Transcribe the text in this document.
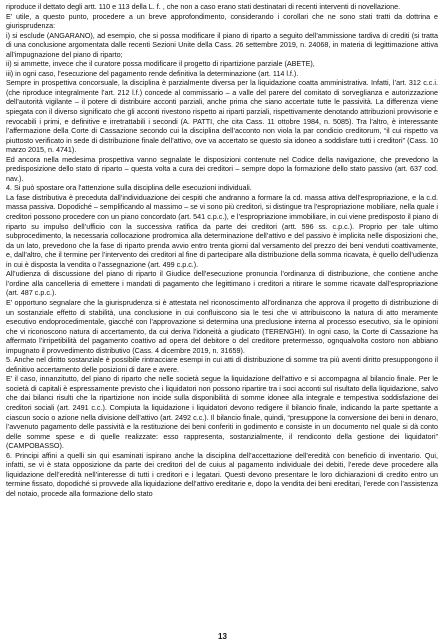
riproduce il dettato degli artt. 110 e 113 della L. f. , che non a caso erano stati destinatari di recenti interventi di novellazione.

E’ utile, a questo punto, procedere a un breve approfondimento, considerando i corollari che ne sono stati tratti da dottrina e giurisprudenza:

i) si esclude (ANGARANO), ad esempio, che si possa modificare il piano di riparto a seguito dell’ammissione tardiva di crediti (si tratta di una conclusione argomentata dalle recenti Sezioni Unite della Cass. 26 settembre 2019, n. 24068, in materia di legittimazione attiva all’impugnazione del piano di riparto;

ii) si ammette, invece che il curatore possa modificare il progetto di ripartizione parziale (ABETE),

iii) in ogni caso, l’esecuzione del pagamento rende definitiva la determinazione (art. 114 l.f.).

Sempre in prospettiva concorsuale, la disciplina è parzialmente diversa per la liquidazione coatta amministrativa. Infatti, l’art. 312 c.c.i. (che riproduce integralmente l’art. 212 l.f.) concede al commissario – a valle del parere del comitato di sorveglianza e autorizzazione dell’autorità vigilante – il potere di distribuire acconti parziali, anche prima che siano accertate tutte le passività. La differenza viene spiegata con il diverso significato che gli acconti rivestono rispetto ai riparti parziali, rispettivamente denotando attribuzioni provvisorie e revocabili i primi, e definitive e irretrattabili i secondi (A. PATTI, che cita Cass. 11 ottobre 1984, n. 5085). Tra l’altro, è interessante l’affermazione della Corte di Cassazione secondo cui la disciplina dell’acconto non viola la par condicio creditorum, “il cui rispetto va piuttosto verificato in sede di distribuzione finale dell’attivo, ove va accertato se questo sia idoneo a soddisfare tutti i creditori” (Cass. 10 marzo 2015, n. 4741).

Ed ancora nella medesima prospettiva vanno segnalate le disposizioni contenute nel Codice della navigazione, che prevedono la predisposizione dello stato di riparto – questa volta a cura dei creditori – sempre dopo la formazione dello stato passivo (art. 637 cod. nav.).

4. Si può spostare ora l’attenzione sulla disciplina delle esecuzioni individuali.

La fase distributiva è preceduta dall’individuazione dei cespiti che andranno a formare la cd. massa attiva dell’espropriazione, e la c.d. massa passiva. Dopodiché – semplificando al massimo – se vi sono più creditori, si distingue tra l’espropriazione mobiliare, nella quale i creditori possono procedere con un piano concordato (art. 541 c.p.c.), e l’espropriazione immobiliare, in cui viene predisposto il piano di riparto su impulso dell’ufficio con la successiva ratifica da parte dei creditori (artt. 596 ss. c.p.c.). Proprio per tale ultimo subprocedimento, la necessaria collocazione prodromica alla determinazione dell’attivo e del passivo è implicita nelle disposizioni che, da un lato, prevedono che la fase di riparto prenda avvio entro trenta giorni dal versamento del prezzo dei beni venduti coattivamente, e, dall’altro, che il termine per l’intervento dei creditori al fine di partecipare alla distribuzione della somma ricavata, è quello dell’udienza in cui è disposta la vendita o l’assegnazione (art. 499 c.p.c.).

All’udienza di discussione del piano di riparto il Giudice dell’esecuzione pronuncia l’ordinanza di distribuzione, che contiene anche l’ordine alla cancelleria di emettere i mandati di pagamento che legittimano i creditori a ritirare le somme ricavate dall’espropriazione (art. 487 c.p.c.).

E’ opportuno segnalare che la giurisprudenza si è attestata nel riconoscimento all’ordinanza che approva il progetto di distribuzione di un sostanziale effetto di stabilità, una conclusione in cui confluiscono sia le tesi che vi attribuiscono la natura di atto meramente esecutivo endoprocedimentale, giacché con l’approvazione si determina una preclusione interna al processo esecutivo, sia le opinioni che vi riconoscono natura di accertamento, da cui deriva l’idoneità a giudicato (TERENGHI). In ogni caso, la Corte di Cassazione ha affermato l’irripetibilità del pagamento coattivo ad opera del debitore o del creditore pretermesso, ognqualvolta costoro non abbiano impugnato il provvedimento distributivo (Cass. 4 dicembre 2019, n. 31659).

5. Anche nel diritto sostanziale è possibile rintracciare esempi in cui atti di distribuzione di somme tra più aventi diritto presuppongono il definitivo accertamento delle posizioni di dare e avere.

E’ il caso, innanzitutto, del piano di riparto che nelle società segue la liquidazione dell’attivo e si accompagna al bilancio finale. Per le società di capitali è espressamente previsto che i liquidatori non possono ripartire tra i soci acconti sul risultato della liquidazione, salvo che dai bilanci risulti che la ripartizione non incide sulla disponibilità di somme idonee alla integrale e tempestiva soddisfazione dei creditori sociali (art. 2491 c.c.). Compiuta la liquidazione i liquidatori devono redigere il bilancio finale, indicando la parte spettante a ciascun socio o azione nella divisione dell’attivo (art. 2492 c.c.). Il bilancio finale, quindi, “presuppone la conversione dei beni in denaro, l’avvenuto pagamento delle passività e la restituzione dei beni conferiti in godimento e consiste in un documento nel quale si dà conto delle somme spese e di quelle realizzate: esso rappresenta, sostanzialmente, il rendiconto della gestione dei liquidatori” (CAMPOBASSO).

6. Principi affini a quelli sin qui esaminati ispirano anche la disciplina dell’accettazione dell’eredità con beneficio di inventario. Qui, infatti, se vi è stata opposizione da parte dei creditori del de cuius al pagamento individuale dei debiti, l’erede deve procedere alla liquidazione dell’eredità nell’interesse di tutti i creditori e i legatari. Questi devono presentare le loro dichiarazioni di credito entro un termine fissato, dopodiché si provvede alla liquidazione dell’attivo ereditarie e, dopo la vendita dei beni ereditari, l’erede con l’assistenza del notaio, procede alla formazione dello stato

13
